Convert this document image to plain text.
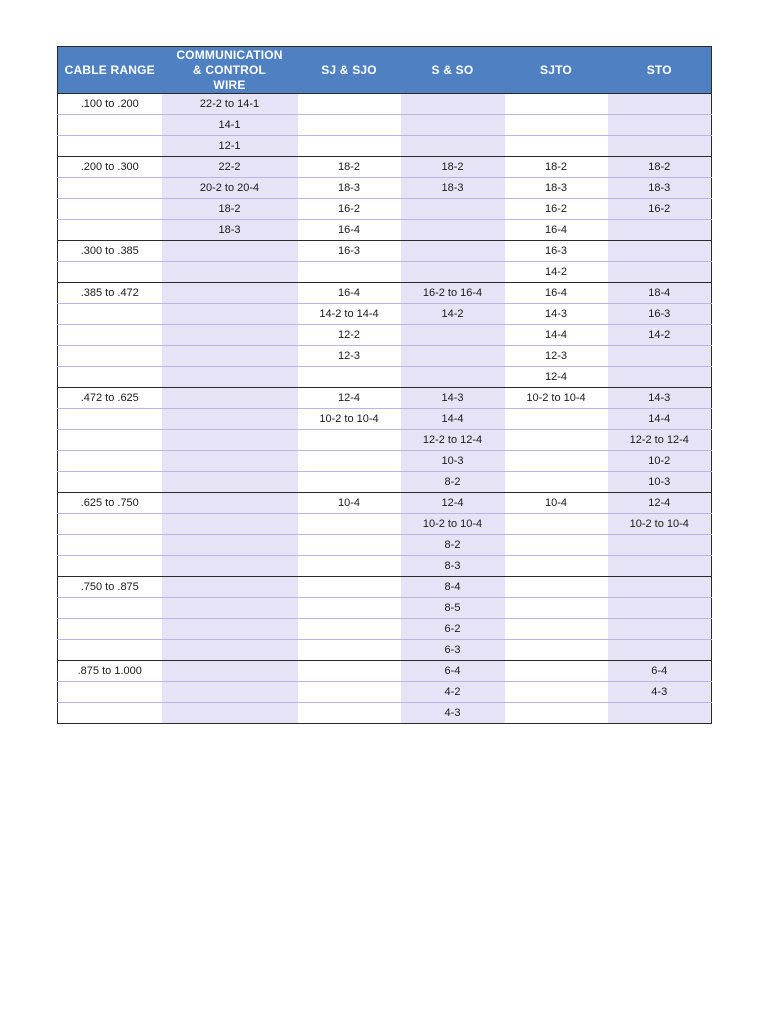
CABLE RANGE	COMMUNICATION & CONTROL WIRE	SJ & SJO	S & SO	SJTO	STO
.100 to .200	22-2 to 14-1				
	14-1				
	12-1				
.200 to .300	22-2	18-2	18-2	18-2	18-2
	20-2 to 20-4	18-3	18-3	18-3	18-3
	18-2	16-2		16-2	16-2
	18-3	16-4		16-4	
.300 to .385		16-3		16-3	
				14-2	
.385 to .472		16-4	16-2 to 16-4	16-4	18-4
		14-2 to 14-4	14-2	14-3	16-3
		12-2		14-4	14-2
		12-3		12-3	
				12-4	
.472 to .625		12-4	14-3	10-2 to 10-4	14-3
		10-2 to 10-4	14-4		14-4
			12-2 to 12-4		12-2 to 12-4
			10-3		10-2
			8-2		10-3
.625 to .750		10-4	12-4	10-4	12-4
			10-2 to 10-4		10-2 to 10-4
			8-2		
			8-3		
.750 to .875			8-4		
			8-5		
			6-2		
			6-3		
.875 to 1.000			6-4		6-4
			4-2		4-3
			4-3		
